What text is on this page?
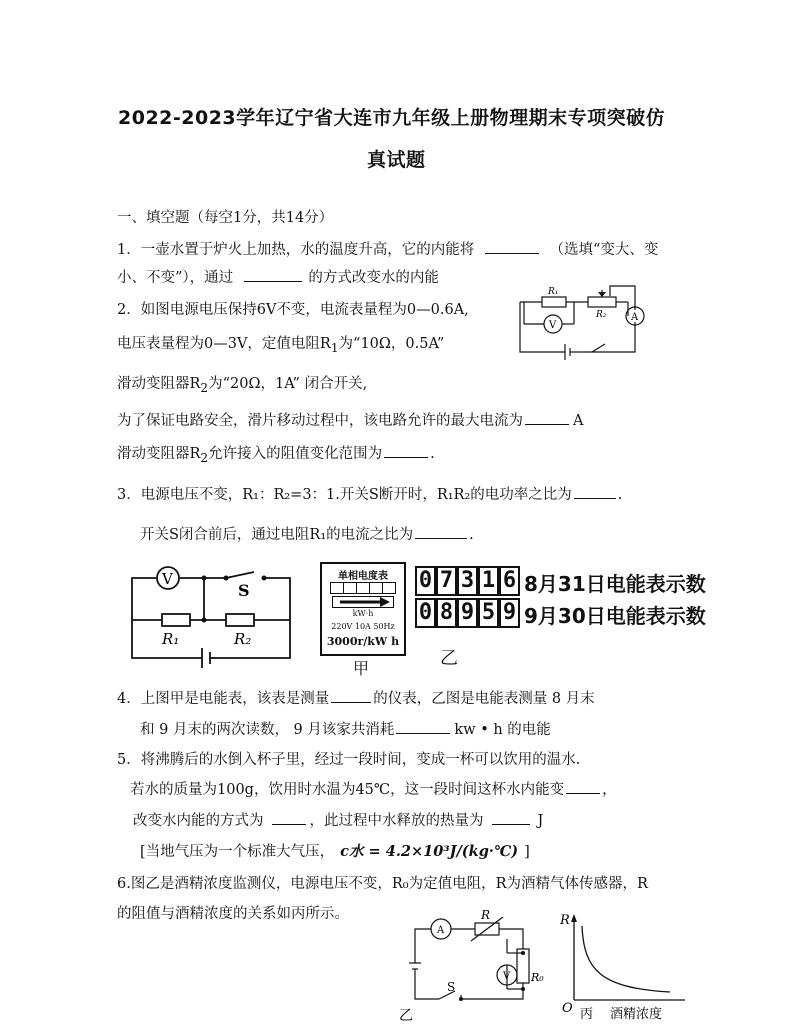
2022-2023学年辽宁省大连市九年级上册物理期末专项突破仿
真试题
一、填空题（每空1分，共14分）
1．一壶水置于炉火上加热，水的温度升高，它的内能将	（选填“变大、变
小、不变”），通过	的方式改变水的内能
2．如图电源电压保持6V不变，电流表量程为0—0.6A,
电压表量程为0—3V，定值电阻$R_1$为“10Ω，0.5A”
滑动变阻器$R_2$为“20Ω，1A” 闭合开关,
为了保证电路安全，滑片移动过程中，该电路允许的最大电流为	A
滑动变阻器$R_2$允许接入的阻值变化范围为	.
R₁
R₂
V
A
3．电源电压不变，R₁：R₂=3：1.开关S断开时，R₁R₂的电功率之比为	.
开关S闭合前后，通过电阻R₁的电流之比为	.
V
S
R₁	R₂
单相电度表
kW·h
220V 10A 50Hz
3000r/kW h
甲
0 7 3 1 6
0 8 9 5 9
8月31日电能表示数
9月30日电能表示数
乙
4．上图甲是电能表，该表是测量	的仪表，乙图是电能表测量 8 月末
和 9 月末的两次读数， 9 月该家共消耗	kw • h 的电能
5．将沸腾后的水倒入杯子里，经过一段时间，变成一杯可以饮用的温水.
若水的质量为100g，饮用时水温为45℃，这一段时间这杯水内能变	，
改变水内能的方式为	，此过程中水释放的热量为	J
[当地气压为一个标准大气压， c水 = 4.2×10³J/(kg·℃) ]
6.图乙是酒精浓度监测仪，电源电压不变，R₀为定值电阻，R为酒精气体传感器，R
的阻值与酒精浓度的关系如丙所示。
A
R
V R₀
S
乙
R
O 丙 酒精浓度
